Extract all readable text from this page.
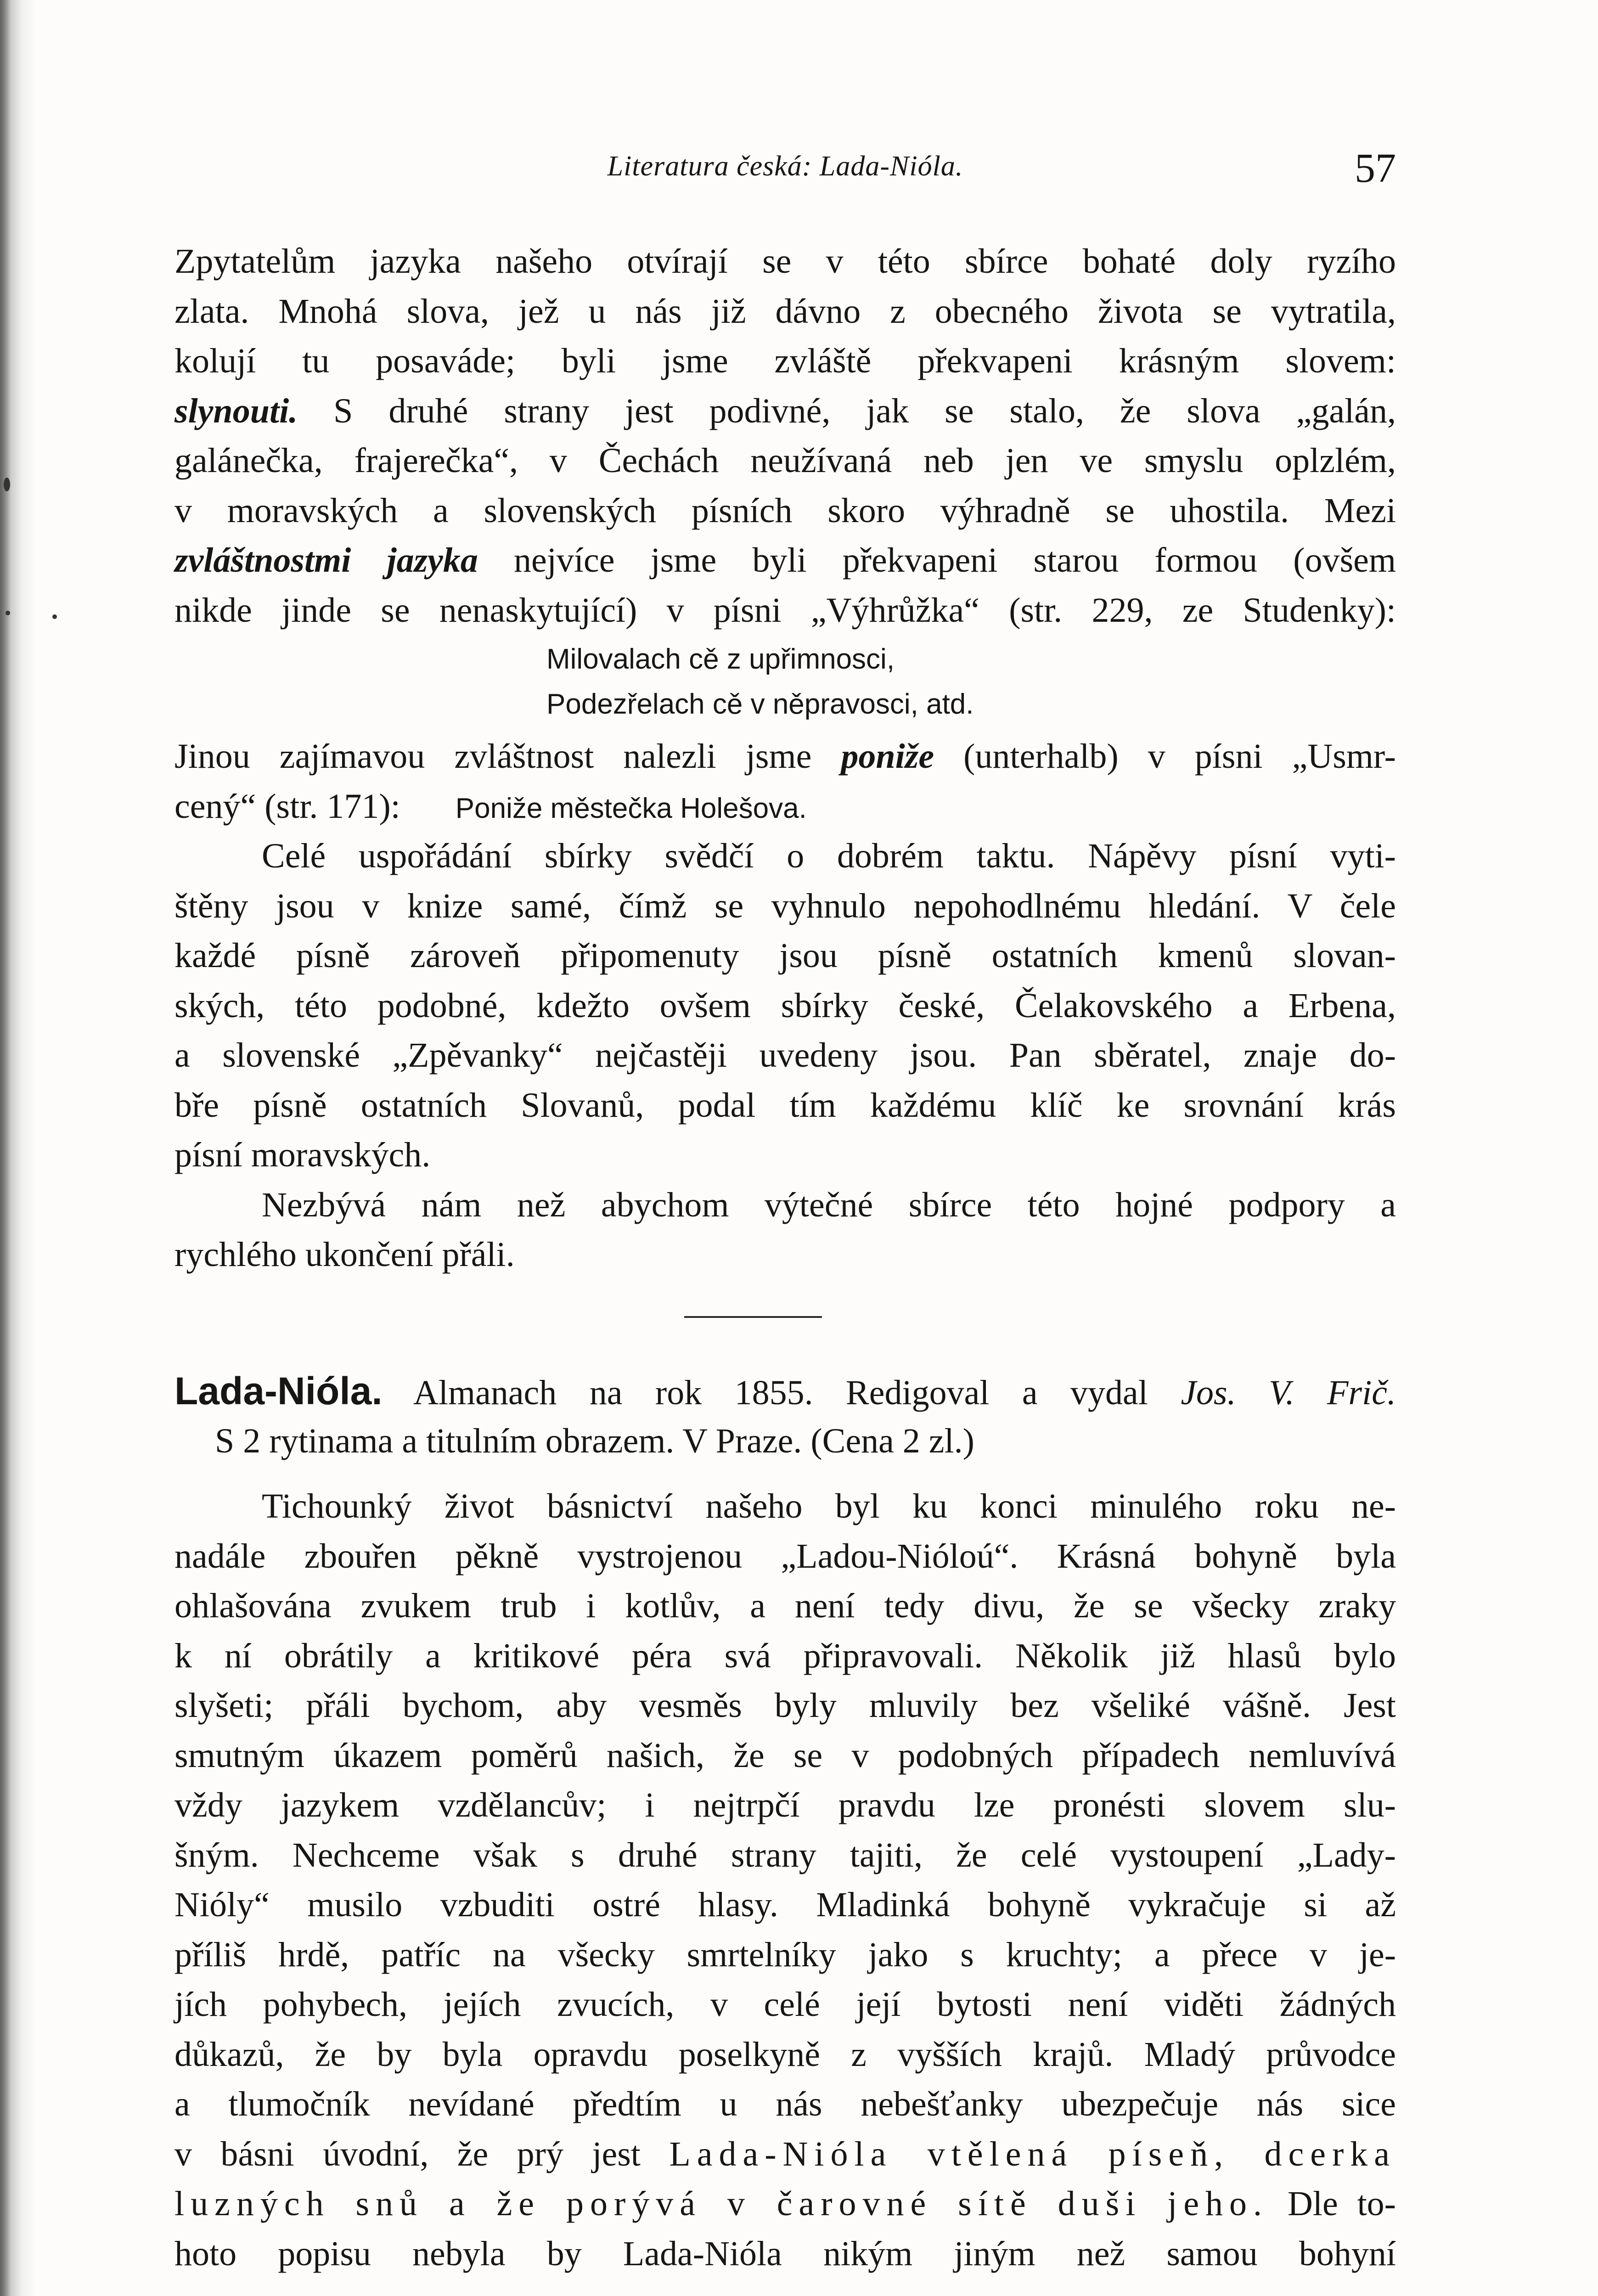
Literatura česká: Lada-Nióla.	57
Zpytatelům jazyka našeho otvírají se v této sbírce bohaté doly ryzího
zlata. Mnohá slova, jež u nás již dávno z obecného života se vytratila,
kolují tu posaváde; byli jsme zvláště překvapeni krásným slovem:
slynouti. S druhé strany jest podivné, jak se stalo, že slova „galán,
galánečka, frajerečka“, v Čechách neužívaná neb jen ve smyslu oplzlém,
v moravských a slovenských písních skoro výhradně se uhostila. Mezi
zvláštnostmi jazyka nejvíce jsme byli překvapeni starou formou (ovšem
nikde jinde se nenaskytující) v písni „Výhrůžka“ (str. 229, ze Studenky):
Milovalach cě z upřimnosci,
Podezřelach cě v něpravosci, atd.
Jinou zajímavou zvláštnost nalezli jsme poniže (unterhalb) v písni „Usmr-
cený“ (str. 171): Poniže městečka Holešova.
Celé uspořádání sbírky svědčí o dobrém taktu. Nápěvy písní vyti-
štěny jsou v knize samé, čímž se vyhnulo nepohodlnému hledání. V čele
každé písně zároveň připomenuty jsou písně ostatních kmenů slovan-
ských, této podobné, kdežto ovšem sbírky české, Čelakovského a Erbena,
a slovenské „Zpěvanky“ nejčastěji uvedeny jsou. Pan sběratel, znaje do-
bře písně ostatních Slovanů, podal tím každému klíč ke srovnání krás
písní moravských.
Nezbývá nám než abychom výtečné sbírce této hojné podpory a
rychlého ukončení přáli.
Lada-Nióla. Almanach na rok 1855. Redigoval a vydal Jos. V. Frič.
S 2 rytinama a titulním obrazem. V Praze. (Cena 2 zl.)
Tichounký život básnictví našeho byl ku konci minulého roku ne-
nadále zbouřen pěkně vystrojenou „Ladou-Nióloú“. Krásná bohyně byla
ohlašována zvukem trub i kotlův, a není tedy divu, že se všecky zraky
k ní obrátily a kritikové péra svá připravovali. Několik již hlasů bylo
slyšeti; přáli bychom, aby vesměs byly mluvily bez všeliké vášně. Jest
smutným úkazem poměrů našich, že se v podobných případech nemluvívá
vždy jazykem vzdělancův; i nejtrpčí pravdu lze pronésti slovem slu-
šným. Nechceme však s druhé strany tajiti, že celé vystoupení „Lady-
Nióly“ musilo vzbuditi ostré hlasy. Mladinká bohyně vykračuje si až
příliš hrdě, patříc na všecky smrtelníky jako s kruchty; a přece v je-
jích pohybech, jejích zvucích, v celé její bytosti není viděti žádných
důkazů, že by byla opravdu poselkyně z vyšších krajů. Mladý průvodce
a tlumočník nevídané předtím u nás nebešťanky ubezpečuje nás sice
v básni úvodní, že prý jest Lada-Nióla vtělená píseň, dcerka
luzných snů a že porývá v čarovné sítě duši jeho. Dle to-
hoto popisu nebyla by Lada-Nióla nikým jiným než samou bohyní
